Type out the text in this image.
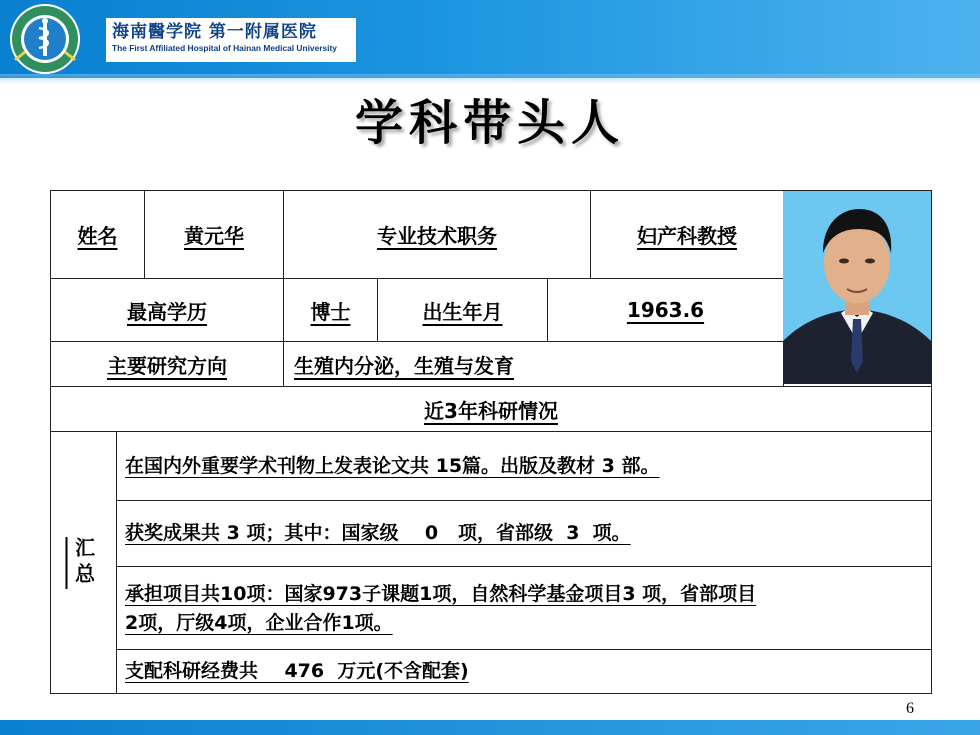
海南醫学院 第一附属医院
The First Affiliated Hospital of Hainan Medical University
学科带头人
姓名	黄元华	专业技术职务	妇产科教授
最高学历	博士	出生年月	1963.6
主要研究方向	生殖内分泌，生殖与发育
近3年科研情况
汇总
在国内外重要学术刊物上发表论文共 15篇。出版及教材 3 部。
获奖成果共 3 项；其中：国家级    0   项，省部级  3  项。
承担项目共10项：国家973子课题1项，自然科学基金项目3 项，省部项目
2项，厅级4项，企业合作1项。
支配科研经费共    476  万元(不含配套)
6
